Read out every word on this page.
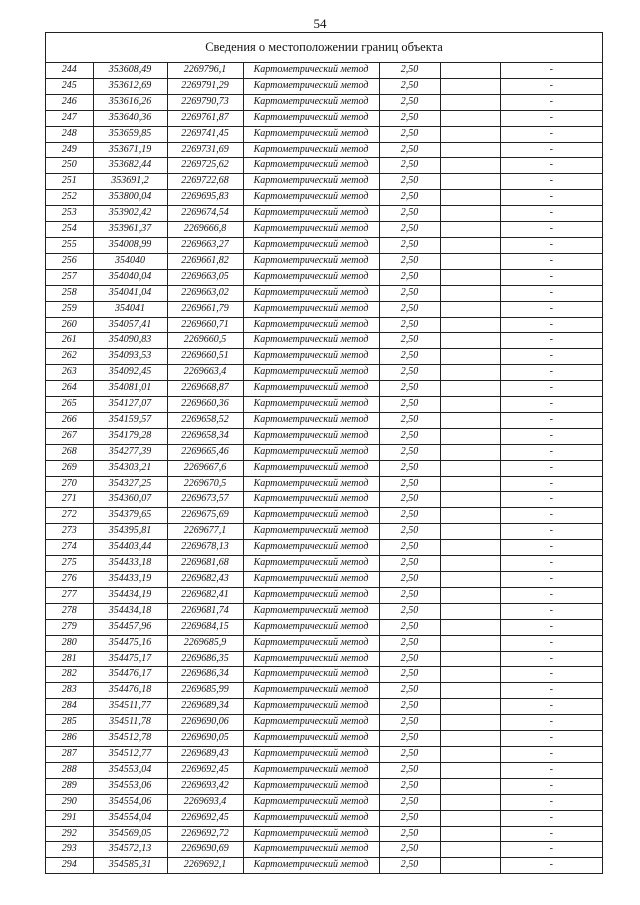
54
Сведения о местоположении границ объекта
244	353608,49	2269796,1	Картометрический метод	2,50		-
245	353612,69	2269791,29	Картометрический метод	2,50		-
246	353616,26	2269790,73	Картометрический метод	2,50		-
247	353640,36	2269761,87	Картометрический метод	2,50		-
248	353659,85	2269741,45	Картометрический метод	2,50		-
249	353671,19	2269731,69	Картометрический метод	2,50		-
250	353682,44	2269725,62	Картометрический метод	2,50		-
251	353691,2	2269722,68	Картометрический метод	2,50		-
252	353800,04	2269695,83	Картометрический метод	2,50		-
253	353902,42	2269674,54	Картометрический метод	2,50		-
254	353961,37	2269666,8	Картометрический метод	2,50		-
255	354008,99	2269663,27	Картометрический метод	2,50		-
256	354040	2269661,82	Картометрический метод	2,50		-
257	354040,04	2269663,05	Картометрический метод	2,50		-
258	354041,04	2269663,02	Картометрический метод	2,50		-
259	354041	2269661,79	Картометрический метод	2,50		-
260	354057,41	2269660,71	Картометрический метод	2,50		-
261	354090,83	2269660,5	Картометрический метод	2,50		-
262	354093,53	2269660,51	Картометрический метод	2,50		-
263	354092,45	2269663,4	Картометрический метод	2,50		-
264	354081,01	2269668,87	Картометрический метод	2,50		-
265	354127,07	2269660,36	Картометрический метод	2,50		-
266	354159,57	2269658,52	Картометрический метод	2,50		-
267	354179,28	2269658,34	Картометрический метод	2,50		-
268	354277,39	2269665,46	Картометрический метод	2,50		-
269	354303,21	2269667,6	Картометрический метод	2,50		-
270	354327,25	2269670,5	Картометрический метод	2,50		-
271	354360,07	2269673,57	Картометрический метод	2,50		-
272	354379,65	2269675,69	Картометрический метод	2,50		-
273	354395,81	2269677,1	Картометрический метод	2,50		-
274	354403,44	2269678,13	Картометрический метод	2,50		-
275	354433,18	2269681,68	Картометрический метод	2,50		-
276	354433,19	2269682,43	Картометрический метод	2,50		-
277	354434,19	2269682,41	Картометрический метод	2,50		-
278	354434,18	2269681,74	Картометрический метод	2,50		-
279	354457,96	2269684,15	Картометрический метод	2,50		-
280	354475,16	2269685,9	Картометрический метод	2,50		-
281	354475,17	2269686,35	Картометрический метод	2,50		-
282	354476,17	2269686,34	Картометрический метод	2,50		-
283	354476,18	2269685,99	Картометрический метод	2,50		-
284	354511,77	2269689,34	Картометрический метод	2,50		-
285	354511,78	2269690,06	Картометрический метод	2,50		-
286	354512,78	2269690,05	Картометрический метод	2,50		-
287	354512,77	2269689,43	Картометрический метод	2,50		-
288	354553,04	2269692,45	Картометрический метод	2,50		-
289	354553,06	2269693,42	Картометрический метод	2,50		-
290	354554,06	2269693,4	Картометрический метод	2,50		-
291	354554,04	2269692,45	Картометрический метод	2,50		-
292	354569,05	2269692,72	Картометрический метод	2,50		-
293	354572,13	2269690,69	Картометрический метод	2,50		-
294	354585,31	2269692,1	Картометрический метод	2,50		-
